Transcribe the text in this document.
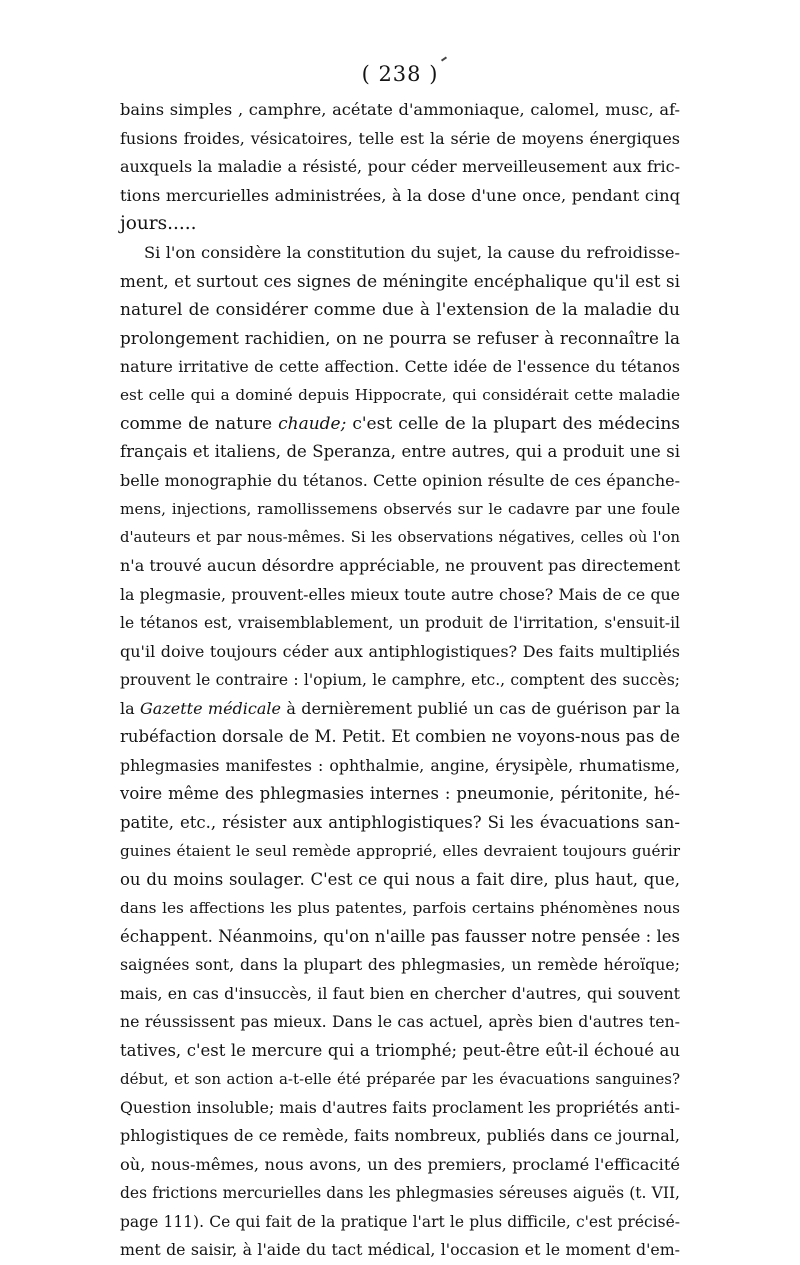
( 238 )
bains simples , camphre, acétate d'ammoniaque, calomel, musc, af-
fusions froides, vésicatoires, telle est la série de moyens énergiques
auxquels la maladie a résisté, pour céder merveilleusement aux fric-
tions mercurielles administrées, à la dose d'une once, pendant cinq
jours.....
Si l'on considère la constitution du sujet, la cause du refroidisse-
ment, et surtout ces signes de méningite encéphalique qu'il est si
naturel de considérer comme due à l'extension de la maladie du
prolongement rachidien, on ne pourra se refuser à reconnaître la
nature irritative de cette affection. Cette idée de l'essence du tétanos
est celle qui a dominé depuis Hippocrate, qui considérait cette maladie
comme de nature chaude; c'est celle de la plupart des médecins
français et italiens, de Speranza, entre autres, qui a produit une si
belle monographie du tétanos. Cette opinion résulte de ces épanche-
mens, injections, ramollissemens observés sur le cadavre par une foule
d'auteurs et par nous-mêmes. Si les observations négatives, celles où l'on
n'a trouvé aucun désordre appréciable, ne prouvent pas directement
la plegmasie, prouvent-elles mieux toute autre chose? Mais de ce que
le tétanos est, vraisemblablement, un produit de l'irritation, s'ensuit-il
qu'il doive toujours céder aux antiphlogistiques? Des faits multipliés
prouvent le contraire : l'opium, le camphre, etc., comptent des succès;
la Gazette médicale à dernièrement publié un cas de guérison par la
rubéfaction dorsale de M. Petit. Et combien ne voyons-nous pas de
phlegmasies manifestes : ophthalmie, angine, érysipèle, rhumatisme,
voire même des phlegmasies internes : pneumonie, péritonite, hé-
patite, etc., résister aux antiphlogistiques? Si les évacuations san-
guines étaient le seul remède approprié, elles devraient toujours guérir
ou du moins soulager. C'est ce qui nous a fait dire, plus haut, que,
dans les affections les plus patentes, parfois certains phénomènes nous
échappent. Néanmoins, qu'on n'aille pas fausser notre pensée : les
saignées sont, dans la plupart des phlegmasies, un remède héroïque;
mais, en cas d'insuccès, il faut bien en chercher d'autres, qui souvent
ne réussissent pas mieux. Dans le cas actuel, après bien d'autres ten-
tatives, c'est le mercure qui a triomphé; peut-être eût-il échoué au
début, et son action a-t-elle été préparée par les évacuations sanguines?
Question insoluble; mais d'autres faits proclament les propriétés anti-
phlogistiques de ce remède, faits nombreux, publiés dans ce journal,
où, nous-mêmes, nous avons, un des premiers, proclamé l'efficacité
des frictions mercurielles dans les phlegmasies séreuses aiguës (t. VII,
page 111). Ce qui fait de la pratique l'art le plus difficile, c'est précisé-
ment de saisir, à l'aide du tact médical, l'occasion et le moment d'em-
